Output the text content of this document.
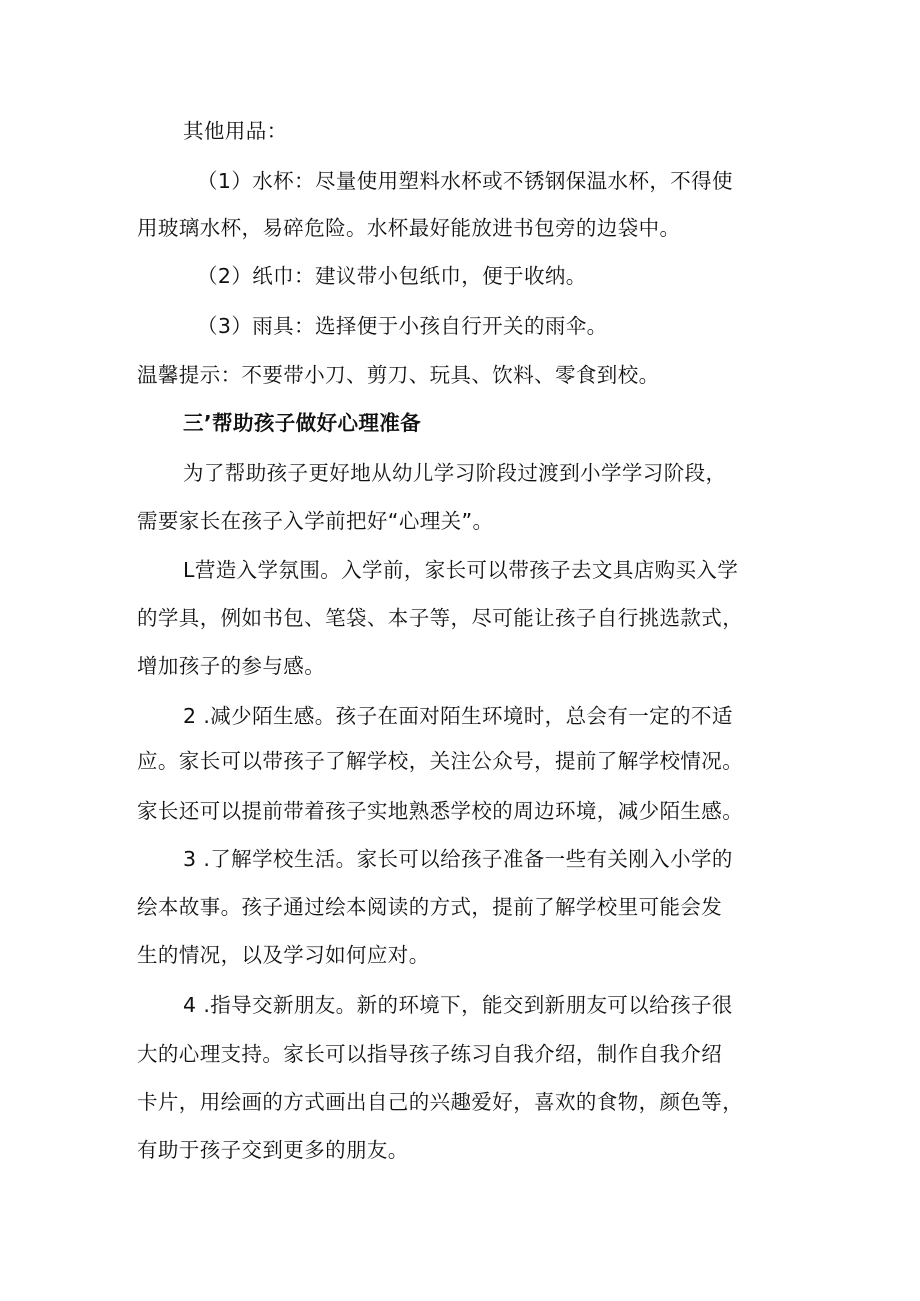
其他用品：
（1）水杯：尽量使用塑料水杯或不锈钢保温水杯，不得使
用玻璃水杯，易碎危险。水杯最好能放进书包旁的边袋中。
（2）纸巾：建议带小包纸巾，便于收纳。
（3）雨具：选择便于小孩自行开关的雨伞。
温馨提示：不要带小刀、剪刀、玩具、饮料、零食到校。
三’帮助孩子做好心理准备
为了帮助孩子更好地从幼儿学习阶段过渡到小学学习阶段，
需要家长在孩子入学前把好“心理关”。
L营造入学氛围。入学前，家长可以带孩子去文具店购买入学
的学具，例如书包、笔袋、本子等，尽可能让孩子自行挑选款式，
增加孩子的参与感。
2 .减少陌生感。孩子在面对陌生环境时，总会有一定的不适
应。家长可以带孩子了解学校，关注公众号，提前了解学校情况。
家长还可以提前带着孩子实地熟悉学校的周边环境，减少陌生感。
3 .了解学校生活。家长可以给孩子准备一些有关刚入小学的
绘本故事。孩子通过绘本阅读的方式，提前了解学校里可能会发
生的情况，以及学习如何应对。
4 .指导交新朋友。新的环境下，能交到新朋友可以给孩子很
大的心理支持。家长可以指导孩子练习自我介绍，制作自我介绍
卡片，用绘画的方式画出自己的兴趣爱好，喜欢的食物，颜色等，
有助于孩子交到更多的朋友。
